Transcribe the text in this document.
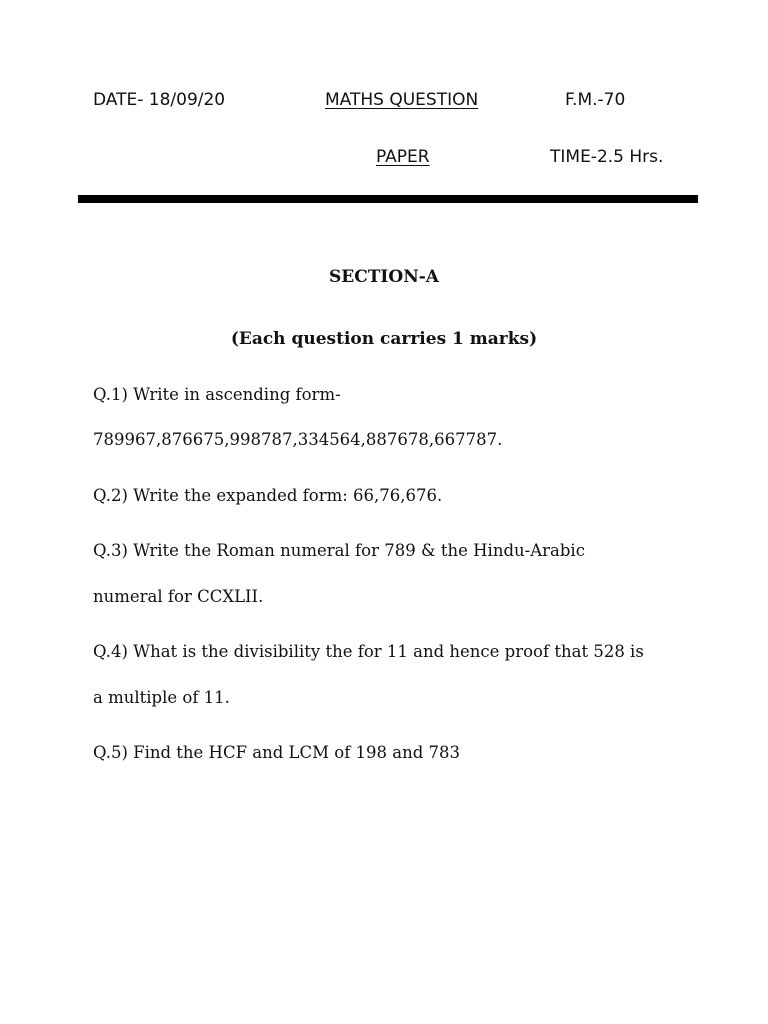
DATE- 18/09/20	MATHS QUESTION	F.M.-70
PAPER	TIME-2.5 Hrs.
SECTION-A
(Each question carries 1 marks)
Q.1) Write in ascending form-
789967,876675,998787,334564,887678,667787.
Q.2) Write the expanded form: 66,76,676.
Q.3) Write the Roman numeral for 789 & the Hindu-Arabic
numeral for CCXLII.
Q.4) What is the divisibility the for 11 and hence proof that 528 is
a multiple of 11.
Q.5) Find the HCF and LCM of 198 and 783
